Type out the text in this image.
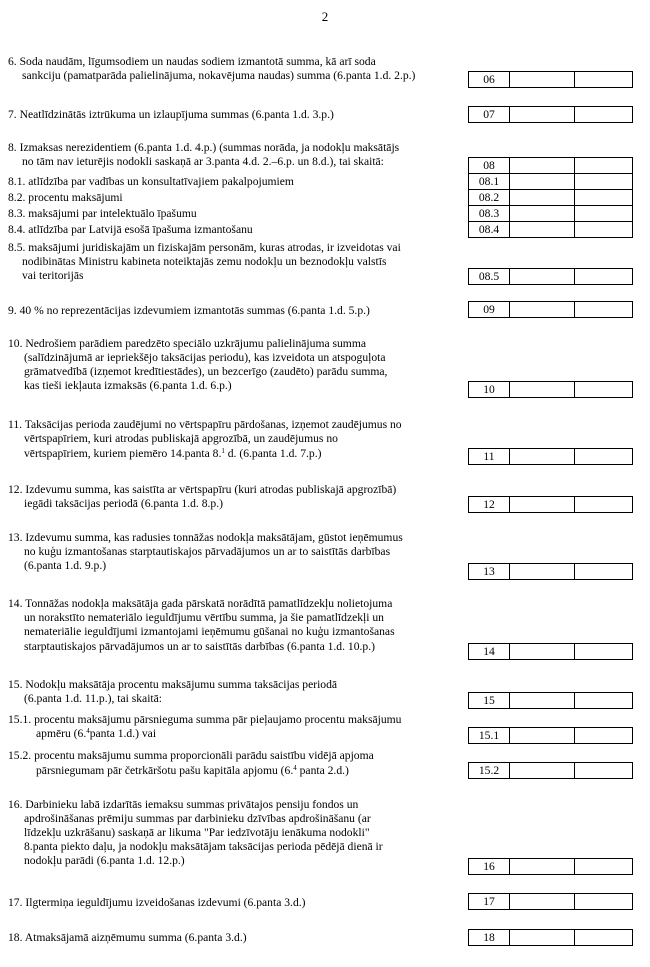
2
6. Soda naudām, līgumsodiem un naudas sodiem izmantotā summa, kā arī soda
sankciju (pamatparāda palielinājuma, nokavējuma naudas) summa (6.panta 1.d. 2.p.)	06
7. Neatlīdzinātās iztrūkuma un izlaupījuma summas (6.panta 1.d. 3.p.)	07
8. Izmaksas nerezidentiem (6.panta 1.d. 4.p.) (summas norāda, ja nodokļu maksātājs
no tām nav ieturējis nodokli saskaņā ar 3.panta 4.d. 2.–6.p. un 8.d.), tai skaitā:	08
8.1. atlīdzība par vadības un konsultatīvajiem pakalpojumiem	08.1
8.2. procentu maksājumi	08.2
8.3. maksājumi par intelektuālo īpašumu	08.3
8.4. atlīdzība par Latvijā esošā īpašuma izmantošanu	08.4
8.5. maksājumi juridiskajām un fiziskajām personām, kuras atrodas, ir izveidotas vai
nodibinātas Ministru kabineta noteiktajās zemu nodokļu un beznodokļu valstīs
vai teritorijās	08.5
9. 40 % no reprezentācijas izdevumiem izmantotās summas (6.panta 1.d. 5.p.)	09
10. Nedrošiem parādiem paredzēto speciālo uzkrājumu palielinājuma summa
(salīdzinājumā ar iepriekšējo taksācijas periodu), kas izveidota un atspoguļota
grāmatvedībā (izņemot kredītiestādes), un bezcerīgo (zaudēto) parādu summa,
kas tieši iekļauta izmaksās (6.panta 1.d. 6.p.)	10
11. Taksācijas perioda zaudējumi no vērtspapīru pārdošanas, izņemot zaudējumus no
vērtspapīriem, kuri atrodas publiskajā apgrozībā, un zaudējumus no
vērtspapīriem, kuriem piemēro 14.panta 8.$^1$ d. (6.panta 1.d. 7.p.)	11
12. Izdevumu summa, kas saistīta ar vērtspapīru (kuri atrodas publiskajā apgrozībā)
iegādi taksācijas periodā (6.panta 1.d. 8.p.)	12
13. Izdevumu summa, kas radusies tonnāžas nodokļa maksātājam, gūstot ieņēmumus
no kuģu izmantošanas starptautiskajos pārvadājumos un ar to saistītās darbības
(6.panta 1.d. 9.p.)	13
14. Tonnāžas nodokļa maksātāja gada pārskatā norādītā pamatlīdzekļu nolietojuma
un norakstīto nemateriālo ieguldījumu vērtību summa, ja šie pamatlīdzekļi un
nemateriālie ieguldījumi izmantojami ieņēmumu gūšanai no kuģu izmantošanas
starptautiskajos pārvadājumos un ar to saistītās darbības (6.panta 1.d. 10.p.)	14
15. Nodokļu maksātāja procentu maksājumu summa taksācijas periodā
(6.panta 1.d. 11.p.), tai skaitā:	15
15.1. procentu maksājumu pārsnieguma summa pār pieļaujamo procentu maksājumu
apmēru (6.$^4$panta 1.d.) vai	15.1
15.2. procentu maksājumu summa proporcionāli parādu saistību vidējā apjoma
pārsniegumam pār četrkāršotu pašu kapitāla apjomu (6.$^4$ panta 2.d.)	15.2
16. Darbinieku labā izdarītās iemaksu summas privātajos pensiju fondos un
apdrošināšanas prēmiju summas par darbinieku dzīvības apdrošināšanu (ar
līdzekļu uzkrāšanu) saskaņā ar likuma "Par iedzīvotāju ienākuma nodokli"
8.panta piekto daļu, ja nodokļu maksātājam taksācijas perioda pēdējā dienā ir
nodokļu parādi (6.panta 1.d. 12.p.)	16
17. Ilgtermiņa ieguldījumu izveidošanas izdevumi (6.panta 3.d.)	17
18. Atmaksājamā aizņēmumu summa (6.panta 3.d.)	18
